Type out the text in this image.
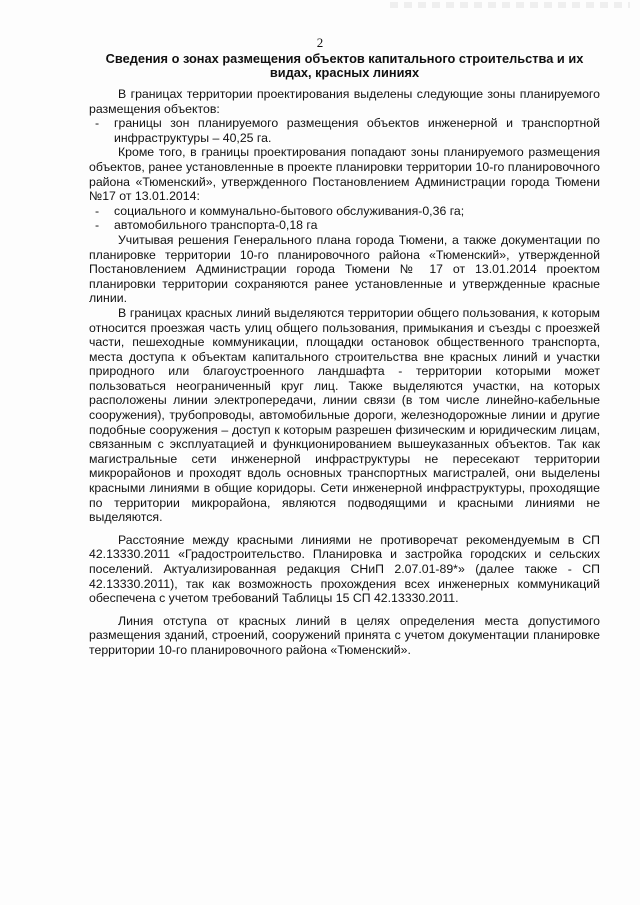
2
Сведения о зонах размещения объектов капитального строительства и их видах, красных линиях

В границах территории проектирования выделены следующие зоны планируемого размещения объектов:

- границы зон планируемого размещения объектов инженерной и транспортной инфраструктуры – 40,25 га.

Кроме того, в границы проектирования попадают зоны планируемого размещения объектов, ранее установленные в проекте планировки территории 10-го планировочного района «Тюменский», утвержденного Постановлением Администрации города Тюмени №17 от 13.01.2014:

- социального и коммунально-бытового обслуживания-0,36 га;

- автомобильного транспорта-0,18 га

Учитывая решения Генерального плана города Тюмени, а также документации по планировке территории 10-го планировочного района «Тюменский», утвержденной Постановлением Администрации города Тюмени № 17 от 13.01.2014 проектом планировки территории сохраняются ранее установленные и утвержденные красные линии.

В границах красных линий выделяются территории общего пользования, к которым относится проезжая часть улиц общего пользования, примыкания и съезды с проезжей части, пешеходные коммуникации, площадки остановок общественного транспорта, места доступа к объектам капитального строительства вне красных линий и участки природного или благоустроенного ландшафта - территории которыми может пользоваться неограниченный круг лиц. Также выделяются участки, на которых расположены линии электропередачи, линии связи (в том числе линейно-кабельные сооружения), трубопроводы, автомобильные дороги, железнодорожные линии и другие подобные сооружения – доступ к которым разрешен физическим и юридическим лицам, связанным с эксплуатацией и функционированием вышеуказанных объектов. Так как магистральные сети инженерной инфраструктуры не пересекают территории микрорайонов и проходят вдоль основных транспортных магистралей, они выделены красными линиями в общие коридоры. Сети инженерной инфраструктуры, проходящие по территории микрорайона, являются подводящими и красными линиями не выделяются.

Расстояние между красными линиями не противоречат рекомендуемым в СП 42.13330.2011 «Градостроительство. Планировка и застройка городских и сельских поселений. Актуализированная редакция СНиП 2.07.01-89*» (далее также - СП 42.13330.2011), так как возможность прохождения всех инженерных коммуникаций обеспечена с учетом требований Таблицы 15 СП 42.13330.2011.

Линия отступа от красных линий в целях определения места допустимого размещения зданий, строений, сооружений принята с учетом документации планировке территории 10-го планировочного района «Тюменский».
